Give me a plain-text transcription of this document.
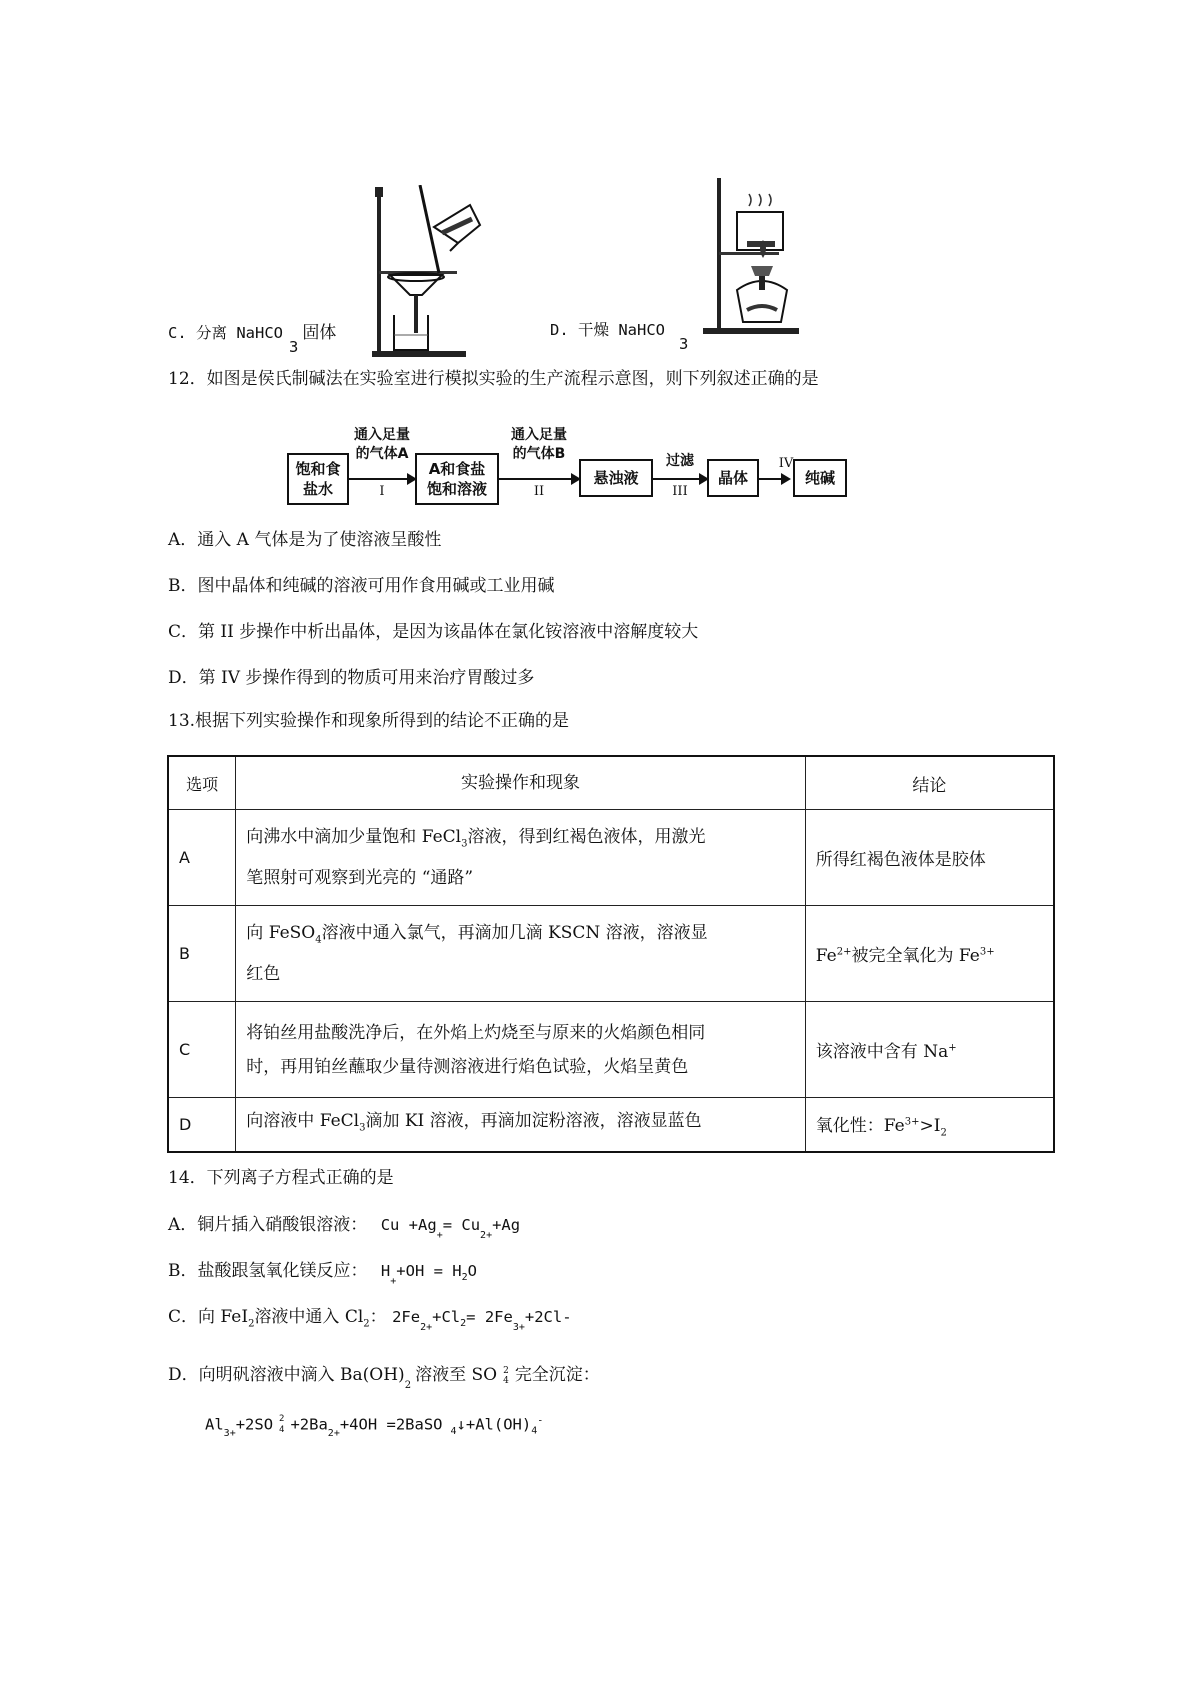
C. 分离 NaHCO$_3$固体	D. 干燥 NaHCO$_3$
12．如图是侯氏制碱法在实验室进行模拟实验的生产流程示意图，则下列叙述正确的是
饱和食
盐水
通入足量
的气体A
I
A和食盐
饱和溶液
通入足量
的气体B
II
悬浊液
过滤
III
晶体
IV
纯碱
A．通入 A 气体是为了使溶液呈酸性
B．图中晶体和纯碱的溶液可用作食用碱或工业用碱
C．第 II 步操作中析出晶体，是因为该晶体在氯化铵溶液中溶解度较大
D．第 IV 步操作得到的物质可用来治疗胃酸过多
13.根据下列实验操作和现象所得到的结论不正确的是
选项	实验操作和现象	结论
A	向沸水中滴加少量饱和 FeCl$_3$溶液，得到红褐色液体，用激光
笔照射可观察到光亮的 “通路”	所得红褐色液体是胶体
B	向 FeSO$_4$溶液中通入氯气，再滴加几滴 KSCN 溶液，溶液显
红色	$Fe^{2+}$被完全氧化为 $Fe^{3+}$
C	将铂丝用盐酸洗净后，在外焰上灼烧至与原来的火焰颜色相同
时，再用铂丝蘸取少量待测溶液进行焰色试验，火焰呈黄色	该溶液中含有 Na+
D	向溶液中 FeCl$_3$滴加 KI 溶液，再滴加淀粉溶液，溶液显蓝色	氧化性：$Fe^{3+}>I_2$
14．下列离子方程式正确的是
A．铜片插入硝酸银溶液： $Cu +Ag^+= Cu^{2+}+Ag$
B．盐酸跟氢氧化镁反应： $H^++OH = H_2O$
C．向 FeI$_2$溶液中通入 $Cl_2$： $2Fe^{2+}+Cl_2= 2Fe^{3+}+2Cl-$
D．向明矾溶液中滴入 $Ba(OH)_2$溶液至 SO 2
4 完全沉淀：
$Al^{3+}+2SO$ 2
$4 +2Ba^{2+}+4OH$ =2BaSO $_4↓+Al(OH)_4^-$
